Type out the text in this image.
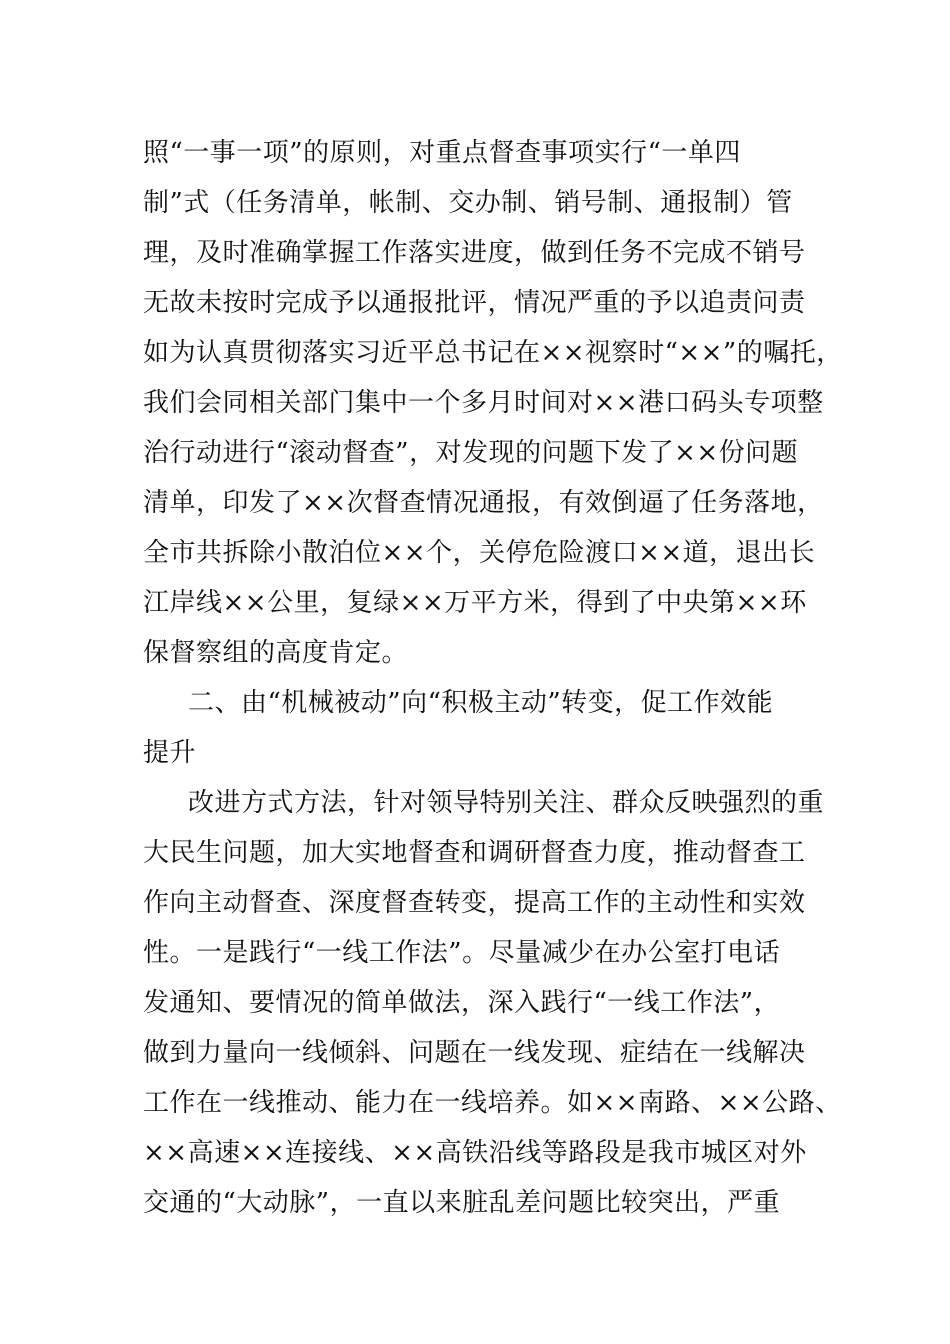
照“一事一项”的原则，对重点督查事项实行“一单四
制”式（任务清单，帐制、交办制、销号制、通报制）管
理，及时准确掌握工作落实进度，做到任务不完成不销号
无故未按时完成予以通报批评，情况严重的予以追责问责
如为认真贯彻落实习近平总书记在××视察时“××”的嘱托，
我们会同相关部门集中一个多月时间对××港口码头专项整
治行动进行“滚动督查”，对发现的问题下发了××份问题
清单，印发了××次督查情况通报，有效倒逼了任务落地，
全市共拆除小散泊位××个，关停危险渡口××道，退出长
江岸线××公里，复绿××万平方米，得到了中央第××环
保督察组的高度肯定。
二、由“机械被动”向“积极主动”转变，促工作效能
提升
改进方式方法，针对领导特别关注、群众反映强烈的重
大民生问题，加大实地督查和调研督查力度，推动督查工
作向主动督查、深度督查转变，提高工作的主动性和实效
性。一是践行“一线工作法”。尽量减少在办公室打电话
发通知、要情况的简单做法，深入践行“一线工作法”，
做到力量向一线倾斜、问题在一线发现、症结在一线解决
工作在一线推动、能力在一线培养。如××南路、××公路、
××高速××连接线、××高铁沿线等路段是我市城区对外
交通的“大动脉”，一直以来脏乱差问题比较突出，严重
